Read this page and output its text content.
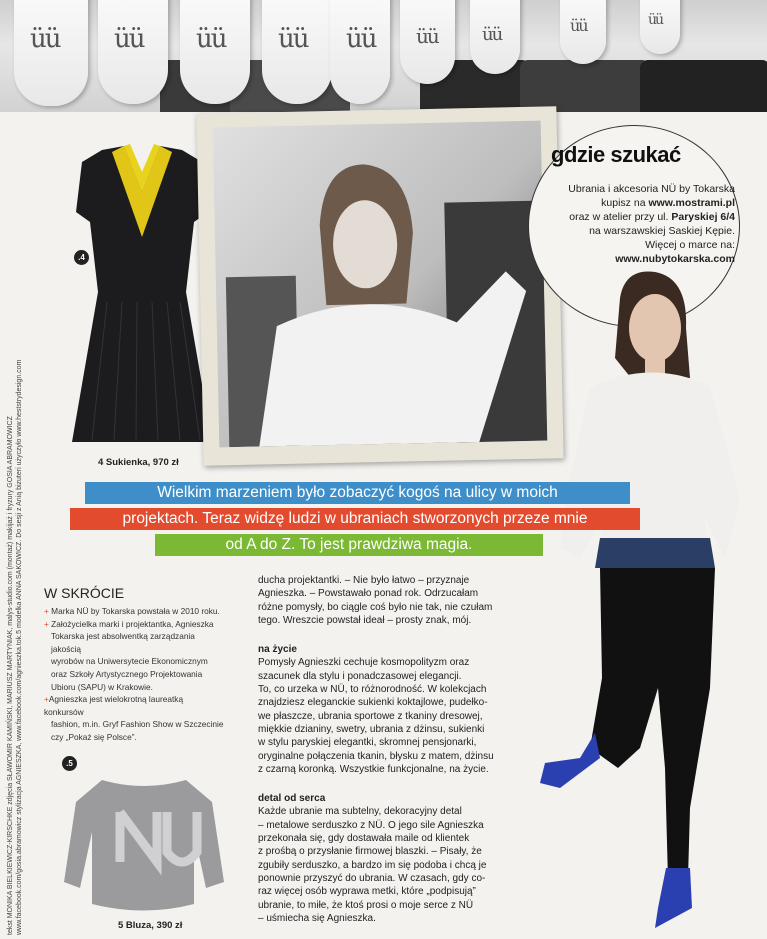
üü üü üü üü üü üü üü	üü	üü
.4
4 Sukienka, 970 zł
gdzie szukać
Ubrania i akcesoria NÜ by Tokarska
kupisz na www.mostrami.pl
oraz w atelier przy ul. Paryskiej 6/4
na warszawskiej Saskiej Kępie.
Więcej o marce na:
www.nubytokarska.com
Wielkim marzeniem było zobaczyć kogoś na ulicy w moich
projektach. Teraz widzę ludzi w ubraniach stworzonych przeze mnie
od A do Z. To jest prawdziwa magia.
W SKRÓCIE
+ Marka NÜ by Tokarska powstała w 2010 roku.
+ Założycielka marki i projektantka, Agnieszka
Tokarska jest absolwentką zarządzania jakością
wyrobów na Uniwersytecie Ekonomicznym
oraz Szkoły Artystycznego Projektowania
Ubioru (SAPU) w Krakowie.
+Agnieszka jest wielokrotną laureatką konkursów
fashion, m.in. Gryf Fashion Show w Szczecinie
czy „Pokaż się Polsce”.
.5
5 Bluza, 390 zł
ducha projektantki. – Nie było łatwo – przyznaje
Agnieszka. – Powstawało ponad rok. Odrzucałam
różne pomysły, bo ciągle coś było nie tak, nie czułam
tego. Wreszcie powstał ideał – prosty znak, mój.
na życie
Pomysły Agnieszki cechuje kosmopolityzm oraz
szacunek dla stylu i ponadczasowej elegancji.
To, co urzeka w NÜ, to różnorodność. W kolekcjach
znajdziesz eleganckie sukienki koktajlowe, pudełko-
we płaszcze, ubrania sportowe z tkaniny dresowej,
miękkie dzianiny, swetry, ubrania z dżinsu, sukienki
w stylu paryskiej elegantki, skromnej pensjonarki,
oryginalne połączenia tkanin, błysku z matem, dżinsu
z czarną koronką. Wszystkie funkcjonalne, na życie.
detal od serca
Każde ubranie ma subtelny, dekoracyjny detal
– metalowe serduszko z NÜ. O jego sile Agnieszka
przekonała się, gdy dostawała maile od klientek
z prośbą o przysłanie firmowej blaszki. – Pisały, że
zgubiły serduszko, a bardzo im się podoba i chcą je
ponownie przyszyć do ubrania. W czasach, gdy co-
raz więcej osób wyprawa metki, które „podpisują”
ubranie, to miłe, że ktoś prosi o moje serce z NÜ
– uśmiecha się Agnieszka.
tekst MONIKA BIELKIEWICZ-KIRSCHKE zdjęcia SŁAWOMIR KAMIŃSKI, MARIUSZ MARTYNIAK, malys-studio.com (montaż) makijaż i fryzury GOSIA ABRAMOWICZ www.facebook.com/gosia.abramowicz stylizacja AGNIESZKA, www.facebook.com/agnieszka.tok.5 modelka ANNA SAKOWICZ. Do sesji z Anią bizuteri użyczyło www.heststrydesign.com
